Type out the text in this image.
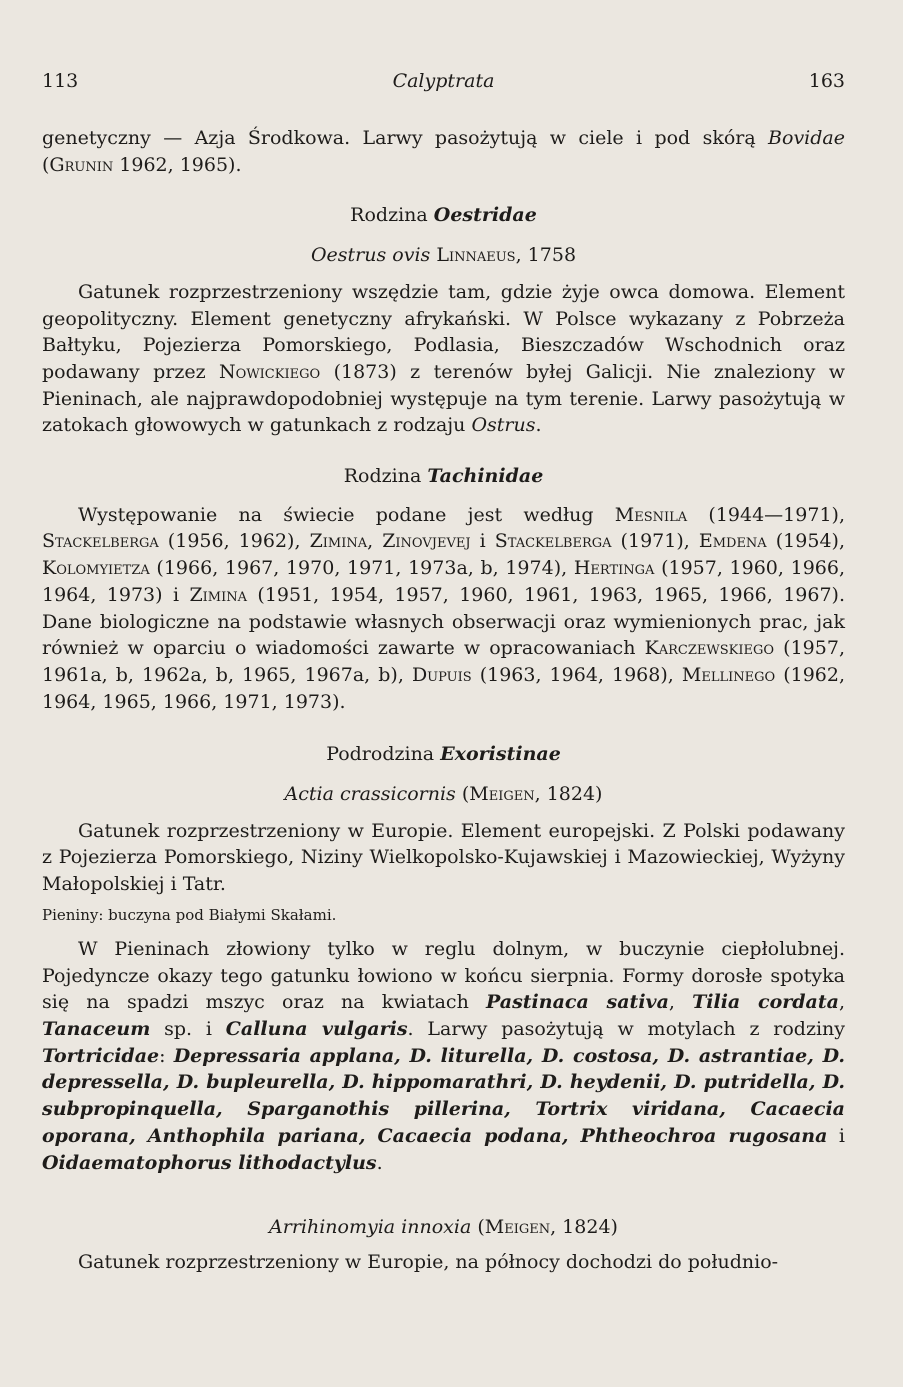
113	Calyptrata	163

genetyczny — Azja Środkowa. Larwy pasożytują w ciele i pod skórą Bovidae (Grunin 1962, 1965).

Rodzina Oestridae

Oestrus ovis Linnaeus, 1758

Gatunek rozprzestrzeniony wszędzie tam, gdzie żyje owca domowa. Element geopolityczny. Element genetyczny afrykański. W Polsce wykazany z Pobrzeża Bałtyku, Pojezierza Pomorskiego, Podlasia, Bieszczadów Wschodnich oraz podawany przez Nowickiego (1873) z terenów byłej Galicji. Nie znaleziony w Pieninach, ale najprawdopodobniej występuje na tym terenie. Larwy pasożytują w zatokach głowowych w gatunkach z rodzaju Ostrus.

Rodzina Tachinidae

Występowanie na świecie podane jest według Mesnila (1944—1971), Stackelberga (1956, 1962), Zimina, Zinovjevej i Stackelberga (1971), Emdena (1954), Kolomyietza (1966, 1967, 1970, 1971, 1973a, b, 1974), Hertinga (1957, 1960, 1966, 1964, 1973) i Zimina (1951, 1954, 1957, 1960, 1961, 1963, 1965, 1966, 1967). Dane biologiczne na podstawie własnych obserwacji oraz wymienionych prac, jak również w oparciu o wiadomości zawarte w opracowaniach Karczewskiego (1957, 1961a, b, 1962a, b, 1965, 1967a, b), Dupuis (1963, 1964, 1968), Mellinego (1962, 1964, 1965, 1966, 1971, 1973).

Podrodzina Exoristinae

Actia crassicornis (Meigen, 1824)

Gatunek rozprzestrzeniony w Europie. Element europejski. Z Polski podawany z Pojezierza Pomorskiego, Niziny Wielkopolsko-Kujawskiej i Mazowieckiej, Wyżyny Małopolskiej i Tatr.

Pieniny: buczyna pod Białymi Skałami.

W Pieninach złowiony tylko w reglu dolnym, w buczynie ciepłolubnej. Pojedyncze okazy tego gatunku łowiono w końcu sierpnia. Formy dorosłe spotyka się na spadzi mszyc oraz na kwiatach Pastinaca sativa, Tilia cordata, Tanaceum sp. i Calluna vulgaris. Larwy pasożytują w motylach z rodziny Tortricidae: Depressaria applana, D. liturella, D. costosa, D. astrantiae, D. depressella, D. bupleurella, D. hippomarathri, D. heydenii, D. putridella, D. subpropinquella, Sparganothis pillerina, Tortrix viridana, Cacaecia oporana, Anthophila pariana, Cacaecia podana, Phtheochroa rugosana i Oidaematophorus lithodactylus.

Arrihinomyia innoxia (Meigen, 1824)

Gatunek rozprzestrzeniony w Europie, na północy dochodzi do południo-
